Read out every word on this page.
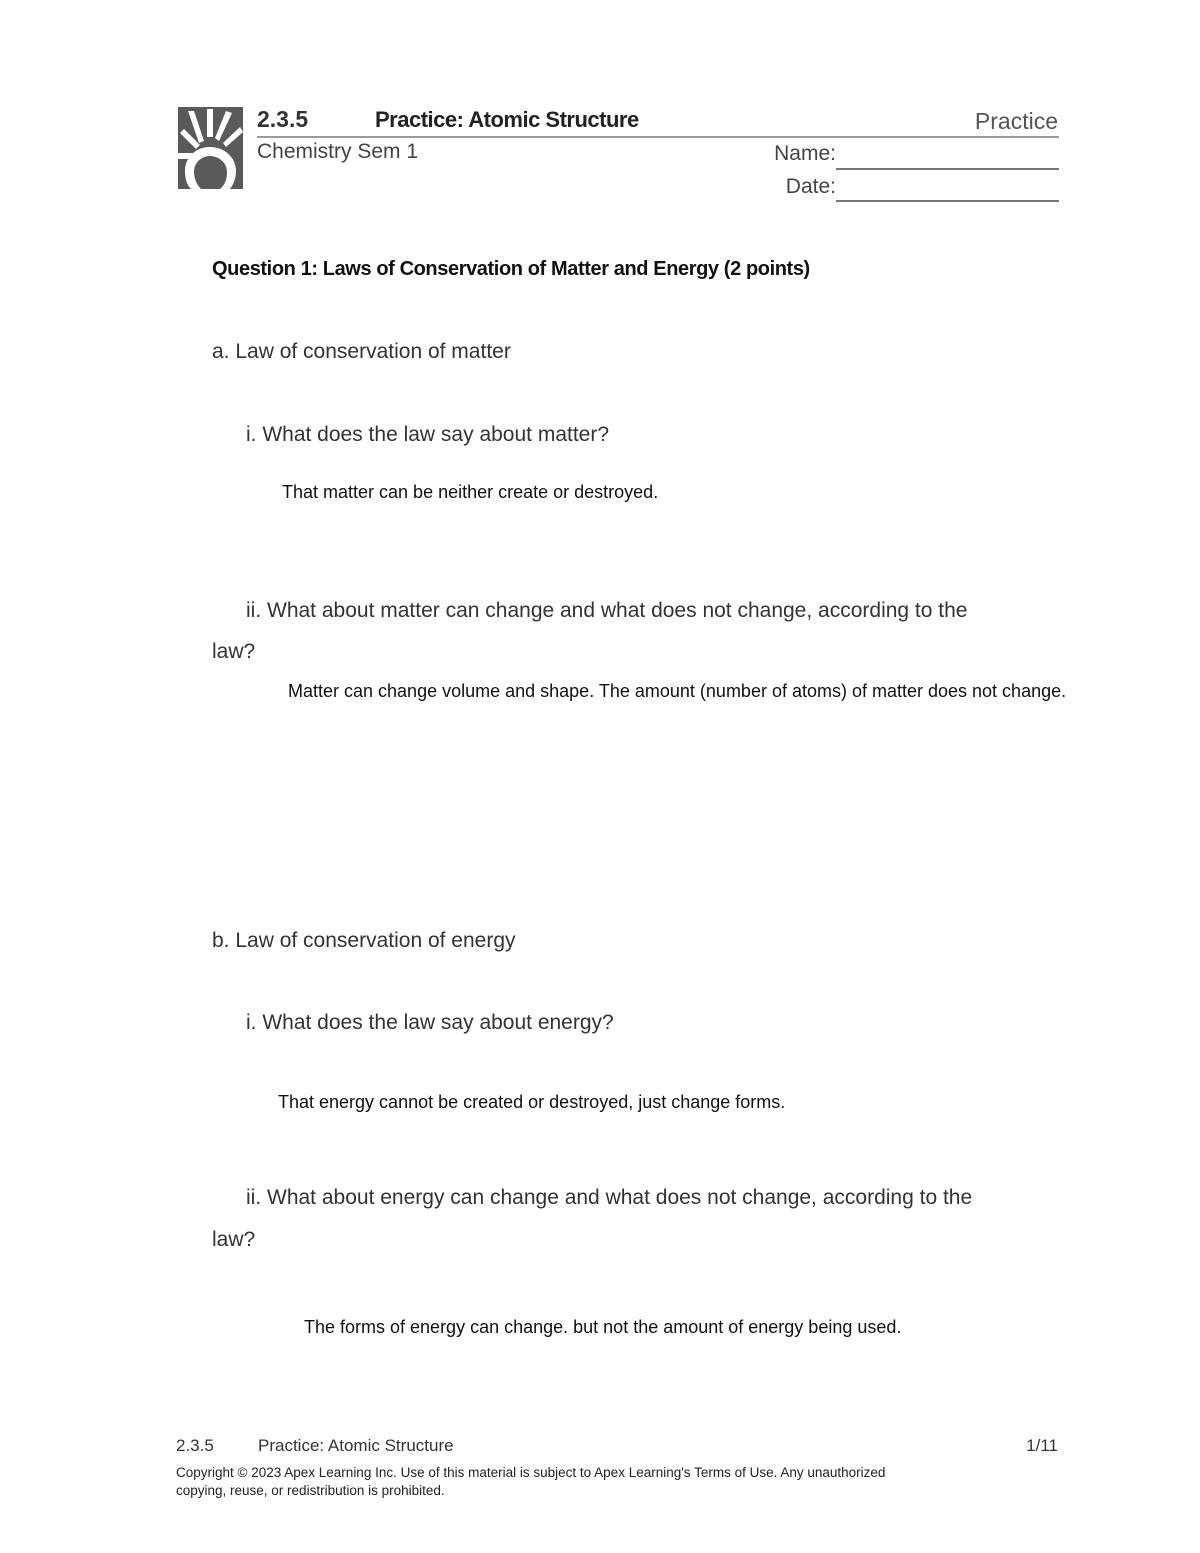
2.3.5	Practice: Atomic Structure	Practice
Chemistry Sem 1	Name:
Date:
Question 1: Laws of Conservation of Matter and Energy (2 points)
a. Law of conservation of matter
i. What does the law say about matter?
That matter can be neither create or destroyed.
ii. What about matter can change and what does not change, according to the
law?
Matter can change volume and shape. The amount (number of atoms) of matter does not change.
b. Law of conservation of energy
i. What does the law say about energy?
That energy cannot be created or destroyed, just change forms.
ii. What about energy can change and what does not change, according to the
law?
The forms of energy can change. but not the amount of energy being used.
2.3.5	Practice: Atomic Structure	1/11
Copyright © 2023 Apex Learning Inc. Use of this material is subject to Apex Learning's Terms of Use. Any unauthorized
copying, reuse, or redistribution is prohibited.
